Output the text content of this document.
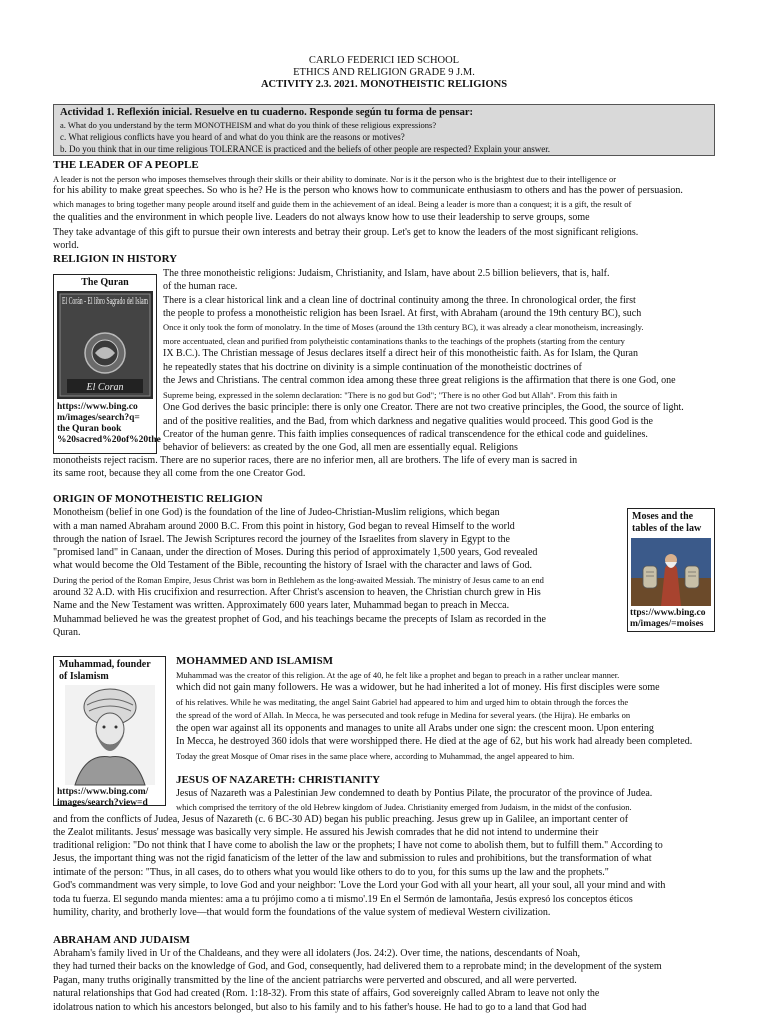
CARLO FEDERICI IED SCHOOL
ETHICS AND RELIGION GRADE 9 J.M.
ACTIVITY 2.3. 2021. MONOTHEISTIC RELIGIONS
Actividad 1. Reflexión inicial. Resuelve en tu cuaderno. Responde según tu forma de pensar:
a. What do you understand by the term MONOTHEISM and what do you think of these religious expressions?
c. What religious conflicts have you heard of and what do you think are the reasons or motives?
b. Do you think that in our time religious TOLERANCE is practiced and the beliefs of other people are respected? Explain your answer.
THE LEADER OF A PEOPLE
A leader is not the person who imposes themselves through their skills or their ability to dominate. Nor is it the person who is the brightest due to their intelligence or
for his ability to make great speeches. So who is he? He is the person who knows how to communicate enthusiasm to others and has the power of persuasion.
which manages to bring together many people around itself and guide them in the achievement of an ideal. Being a leader is more than a conquest; it is a gift, the result of
the qualities and the environment in which people live. Leaders do not always know how to use their leadership to serve groups, some
They take advantage of this gift to pursue their own interests and betray their group. Let's get to know the leaders of the most significant religions.
world.
RELIGION IN HISTORY
The Quran
El Corán - El libro Sagrado del Islam
El Coran
https://www.bing.co
m/images/search?q=
the Quran book
%20sacred%20of%20the
The three monotheistic religions: Judaism, Christianity, and Islam, have about 2.5 billion believers, that is, half.
of the human race.
There is a clear historical link and a clean line of doctrinal continuity among the three. In chronological order, the first
the people to profess a monotheistic religion has been Israel. At first, with Abraham (around the 19th century BC), such
Once it only took the form of monolatry. In the time of Moses (around the 13th century BC), it was already a clear monotheism, increasingly.
more accentuated, clean and purified from polytheistic contaminations thanks to the teachings of the prophets (starting from the century
IX B.C.). The Christian message of Jesus declares itself a direct heir of this monotheistic faith. As for Islam, the Quran
he repeatedly states that his doctrine on divinity is a simple continuation of the monotheistic doctrines of
the Jews and Christians. The central common idea among these three great religions is the affirmation that there is one God, one
Supreme being, expressed in the solemn declaration: "There is no god but God"; "There is no other God but Allah". From this faith in
One God derives the basic principle: there is only one Creator. There are not two creative principles, the Good, the source of light.
and of the positive realities, and the Bad, from which darkness and negative qualities would proceed. This good God is the
Creator of the human genre. This faith implies consequences of radical transcendence for the ethical code and guidelines.
behavior of believers: as created by the one God, all men are essentially equal. Religions
monotheists reject racism. There are no superior races, there are no inferior men, all are brothers. The life of every man is sacred in
its same root, because they all come from the one Creator God.
ORIGIN OF MONOTHEISTIC RELIGION
Monotheism (belief in one God) is the foundation of the line of Judeo-Christian-Muslim religions, which began
with a man named Abraham around 2000 B.C. From this point in history, God began to reveal Himself to the world
through the nation of Israel. The Jewish Scriptures record the journey of the Israelites from slavery in Egypt to the
"promised land" in Canaan, under the direction of Moses. During this period of approximately 1,500 years, God revealed
what would become the Old Testament of the Bible, recounting the history of Israel with the character and laws of God.
During the period of the Roman Empire, Jesus Christ was born in Bethlehem as the long-awaited Messiah. The ministry of Jesus came to an end
around 32 A.D. with His crucifixion and resurrection. After Christ's ascension to heaven, the Christian church grew in His
Name and the New Testament was written. Approximately 600 years later, Muhammad began to preach in Mecca.
Muhammad believed he was the greatest prophet of God, and his teachings became the precepts of Islam as recorded in the
Quran.
Moses and the
tables of the law
ttps://www.bing.co
m/images/=moises
Muhammad, founder
of Islamism
https://www.bing.com/
images/search?view=d
MOHAMMED AND ISLAMISM
Muhammad was the creator of this religion. At the age of 40, he felt like a prophet and began to preach in a rather unclear manner.
which did not gain many followers. He was a widower, but he had inherited a lot of money. His first disciples were some
of his relatives. While he was meditating, the angel Saint Gabriel had appeared to him and urged him to obtain through the forces the
the spread of the word of Allah. In Mecca, he was persecuted and took refuge in Medina for several years. (the Hijra). He embarks on
the open war against all its opponents and manages to unite all Arabs under one sign: the crescent moon. Upon entering
In Mecca, he destroyed 360 idols that were worshipped there. He died at the age of 62, but his work had already been completed.
Today the great Mosque of Omar rises in the same place where, according to Muhammad, the angel appeared to him.
JESUS OF NAZARETH: CHRISTIANITY
Jesus of Nazareth was a Palestinian Jew condemned to death by Pontius Pilate, the procurator of the province of Judea.
which comprised the territory of the old Hebrew kingdom of Judea. Christianity emerged from Judaism, in the midst of the confusion.
and from the conflicts of Judea, Jesus of Nazareth (c. 6 BC-30 AD) began his public preaching. Jesus grew up in Galilee, an important center of
the Zealot militants. Jesus' message was basically very simple. He assured his Jewish comrades that he did not intend to undermine their
traditional religion: "Do not think that I have come to abolish the law or the prophets; I have not come to abolish them, but to fulfill them." According to
Jesus, the important thing was not the rigid fanaticism of the letter of the law and submission to rules and prohibitions, but the transformation of what
intimate of the person: "Thus, in all cases, do to others what you would like others to do to you, for this sums up the law and the prophets."
God's commandment was very simple, to love God and your neighbor: 'Love the Lord your God with all your heart, all your soul, all your mind and with
toda tu fuerza. El segundo manda mientes: ama a tu prójimo como a ti mismo'.19 En el Sermón de lamontaña, Jesús expresó los conceptos éticos
humility, charity, and brotherly love—that would form the foundations of the value system of medieval Western civilization.
ABRAHAM AND JUDAISM
Abraham's family lived in Ur of the Chaldeans, and they were all idolaters (Jos. 24:2). Over time, the nations, descendants of Noah,
they had turned their backs on the knowledge of God, and God, consequently, had delivered them to a reprobate mind; in the development of the system
Pagan, many truths originally transmitted by the line of the ancient patriarchs were perverted and obscured, and all were perverted.
natural relationships that God had created (Rom. 1:18-32). From this state of affairs, God sovereignly called Abram to leave not only the
idolatrous nation to which his ancestors belonged, but also to his family and to his father's house. He had to go to a land that God had
